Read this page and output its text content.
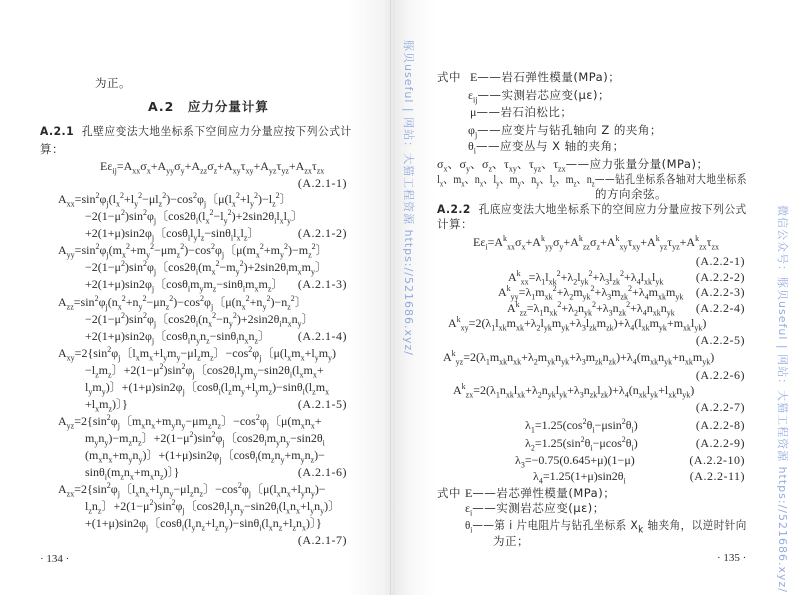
为正。
A.2　应力分量计算
A.2.1 孔壁应变法大地坐标系下空间应力分量应按下列公式计
算：
$E\varepsilon_{ij}=A_{xx}\sigma_x+A_{yy}\sigma_y+A_{zz}\sigma_z+A_{xy}\tau_{xy}+A_{yz}\tau_{yz}+A_{zx}\tau_{zx}$
(A.2.1-1)
$A_{xx}=\sin^2\varphi_j(l_x^2+l_y^2-\mu l_z^2)-\cos^2\varphi_j$〔$\mu(l_x^2+l_y^2)-l_z^2$〕
$-2(1-\mu^2)\sin^2\varphi_j$〔$\cos 2\theta_i(l_x^2-l_y^2)+2\sin 2\theta_il_xl_y$〕
$+2(1+\mu)\sin 2\varphi_j$〔$\cos\theta_il_yl_z-\sin\theta_il_xl_z$〕	(A.2.1-2)
$A_{yy}=\sin^2\varphi_j(m_x^2+m_y^2-\mu m_z^2)-\cos^2\varphi_j$〔$\mu(m_x^2+m_y^2)-m_z^2$〕
$-2(1-\mu^2)\sin^2\varphi_j$〔$\cos 2\theta_i(m_x^2-m_y^2)+2\sin 2\theta_im_xm_y$〕
$+2(1+\mu)\sin 2\varphi_j$〔$\cos\theta_im_ym_z-\sin\theta_im_xm_z$〕 (A.2.1-3)
$A_{zz}=\sin^2\varphi_j(n_x^2+n_y^2-\mu n_z^2)-\cos^2\varphi_j$〔$\mu(n_x^2+n_y^2)-n_z^2$〕
$-2(1-\mu^2)\sin^2\varphi_j$〔$\cos 2\theta_i(n_x^2-n_y^2)+2\sin 2\theta_in_xn_y$〕
$+2(1+\mu)\sin 2\varphi_j$〔$\cos\theta_in_yn_z-\sin\theta_in_xn_z$〕 (A.2.1-4)
$A_{xy}=2\{\sin^2\varphi_j$〔$l_xm_x+l_ym_y-\mu l_zm_z$〕$-\cos^2\varphi_j$〔$\mu(l_xm_x+l_ym_y)$
$-l_zm_z$〕$+2(1-\mu^2)\sin^2\varphi_j$〔$\cos 2\theta_il_ym_y-\sin 2\theta_i(l_xm_x+$
$l_ym_y$)〕$+(1+\mu)\sin 2\varphi_j$〔$\cos\theta_i(l_zm_y+l_ym_z)-\sin\theta_i(l_zm_x$
$+l_xm_z$)〕}	(A.2.1-5)
$A_{yz}=2\{\sin^2\varphi_j$〔$m_xn_x+m_yn_y-\mu m_zn_z$〕$-\cos^2\varphi_j$〔$\mu(m_xn_x+$
$m_yn_y)-m_zn_z$〕$+2(1-\mu^2)\sin^2\varphi_j$〔$\cos 2\theta_im_yn_y-\sin 2\theta_i$
$(m_xn_x+m_yn_y)$〕$+(1+\mu)\sin 2\varphi_j$〔$\cos\theta_i(m_zn_y+m_yn_z)-$
$\sin\theta_i(m_zn_x+m_xn_z)$〕}	(A.2.1-6)
$A_{zx}=2\{\sin^2\varphi_j$〔$l_xn_x+l_yn_y-\mu l_zn_z$〕$-\cos^2\varphi_j$〔$\mu(l_xn_x+l_yn_y)-$
$l_zn_z$〕$+2(1-\mu^2)\sin^2\varphi_j$〔$\cos 2\theta_il_yn_y-\sin 2\theta_i(l_xn_x+l_yn_y)$〕
$+(1+\mu)\sin 2\varphi_j$〔$\cos\theta_i(l_yn_z+l_zn_y)-\sin\theta_i(l_xn_z+l_zn_x)$〕}
(A.2.1-7)
· 134 ·
式中 E——岩石弹性模量(MPa)；
$\varepsilon_{ij}——$实测岩芯应变(με)；
μ——岩石泊松比；
$\varphi_j——$应变片与钻孔轴向 Z 的夹角；
$\theta_i——$应变丛与 X 轴的夹角；
$\sigma_x$、$\sigma_y$、$\sigma_z$、$\tau_{xy}$、$\tau_{yz}$、$\tau_{zx}——$应力张量分量(MPa)；
$l_x$、$m_x$、$n_x$、$l_y$、$m_y$、$n_y$、$l_z$、$m_z$、$n_z——$钻孔坐标系各轴对大地坐标系
的方向余弦。
A.2.2 孔底应变法大地坐标系下的空间应力分量应按下列公式
计算：
$E\varepsilon_i=A^k_{xx}\sigma_x+A^k_{yy}\sigma_y+A^k_{zz}\sigma_z+A^k_{xy}\tau_{xy}+A^k_{yz}\tau_{yz}+A^k_{zx}\tau_{zx}$
(A.2.2-1)
$A^k_{xx}=\lambda_1l_{xk}^2+\lambda_2l_{yk}^2+\lambda_3l_{zk}^2+\lambda_4l_{xk}l_{yk}$	(A.2.2-2)
$A^k_{yy}=\lambda_1m_{xk}^2+\lambda_2m_{yk}^2+\lambda_3m_{zk}^2+\lambda_4m_{xk}m_{yk}$ (A.2.2-3)
$A^k_{zz}=\lambda_1n_{xk}^2+\lambda_2n_{yk}^2+\lambda_3n_{zk}^2+\lambda_4n_{xk}n_{yk}$ (A.2.2-4)
$A^k_{xy}=2(\lambda_1l_{xk}m_{xk}+\lambda_2l_{yk}m_{yk}+\lambda_3l_{zk}m_{zk})+\lambda_4(l_{xk}m_{yk}+m_{xk}l_{yk})$
(A.2.2-5)
$A^k_{yz}=2(\lambda_1m_{xk}n_{xk}+\lambda_2m_{yk}n_{yk}+\lambda_3m_{zk}n_{zk})+\lambda_4(m_{xk}n_{yk}+n_{xk}m_{yk})$
(A.2.2-6)
$A^k_{zx}=2(\lambda_1n_{xk}l_{xk}+\lambda_2n_{yk}l_{yk}+\lambda_3n_{zk}l_{zk})+\lambda_4(n_{xk}l_{yk}+l_{xk}n_{yk})$
(A.2.2-7)
$\lambda_1=1.25(\cos^2\theta_i-\mu\sin^2\theta_i)$	(A.2.2-8)
$\lambda_2=1.25(\sin^2\theta_i-\mu\cos^2\theta_i)$	(A.2.2-9)
$\lambda_3=-0.75(0.645+\mu)(1-\mu)$	(A.2.2-10)
$\lambda_4=1.25(1+\mu)\sin 2\theta_i$	(A.2.2-11)
式中 E——岩芯弹性模量(MPa)；
$\varepsilon_i——$实测岩芯应变(με)；
$\theta_i——$第 i 片电阻片与钻孔坐标系 $X_k$ 轴夹角，以逆时针向
为正；
· 135 ·
豚贝useful | 网站：大猫工程资源 https://521686.xyz/
微信公众号：豚贝useful | 网站：大猫工程资源 https://521686.xyz/
